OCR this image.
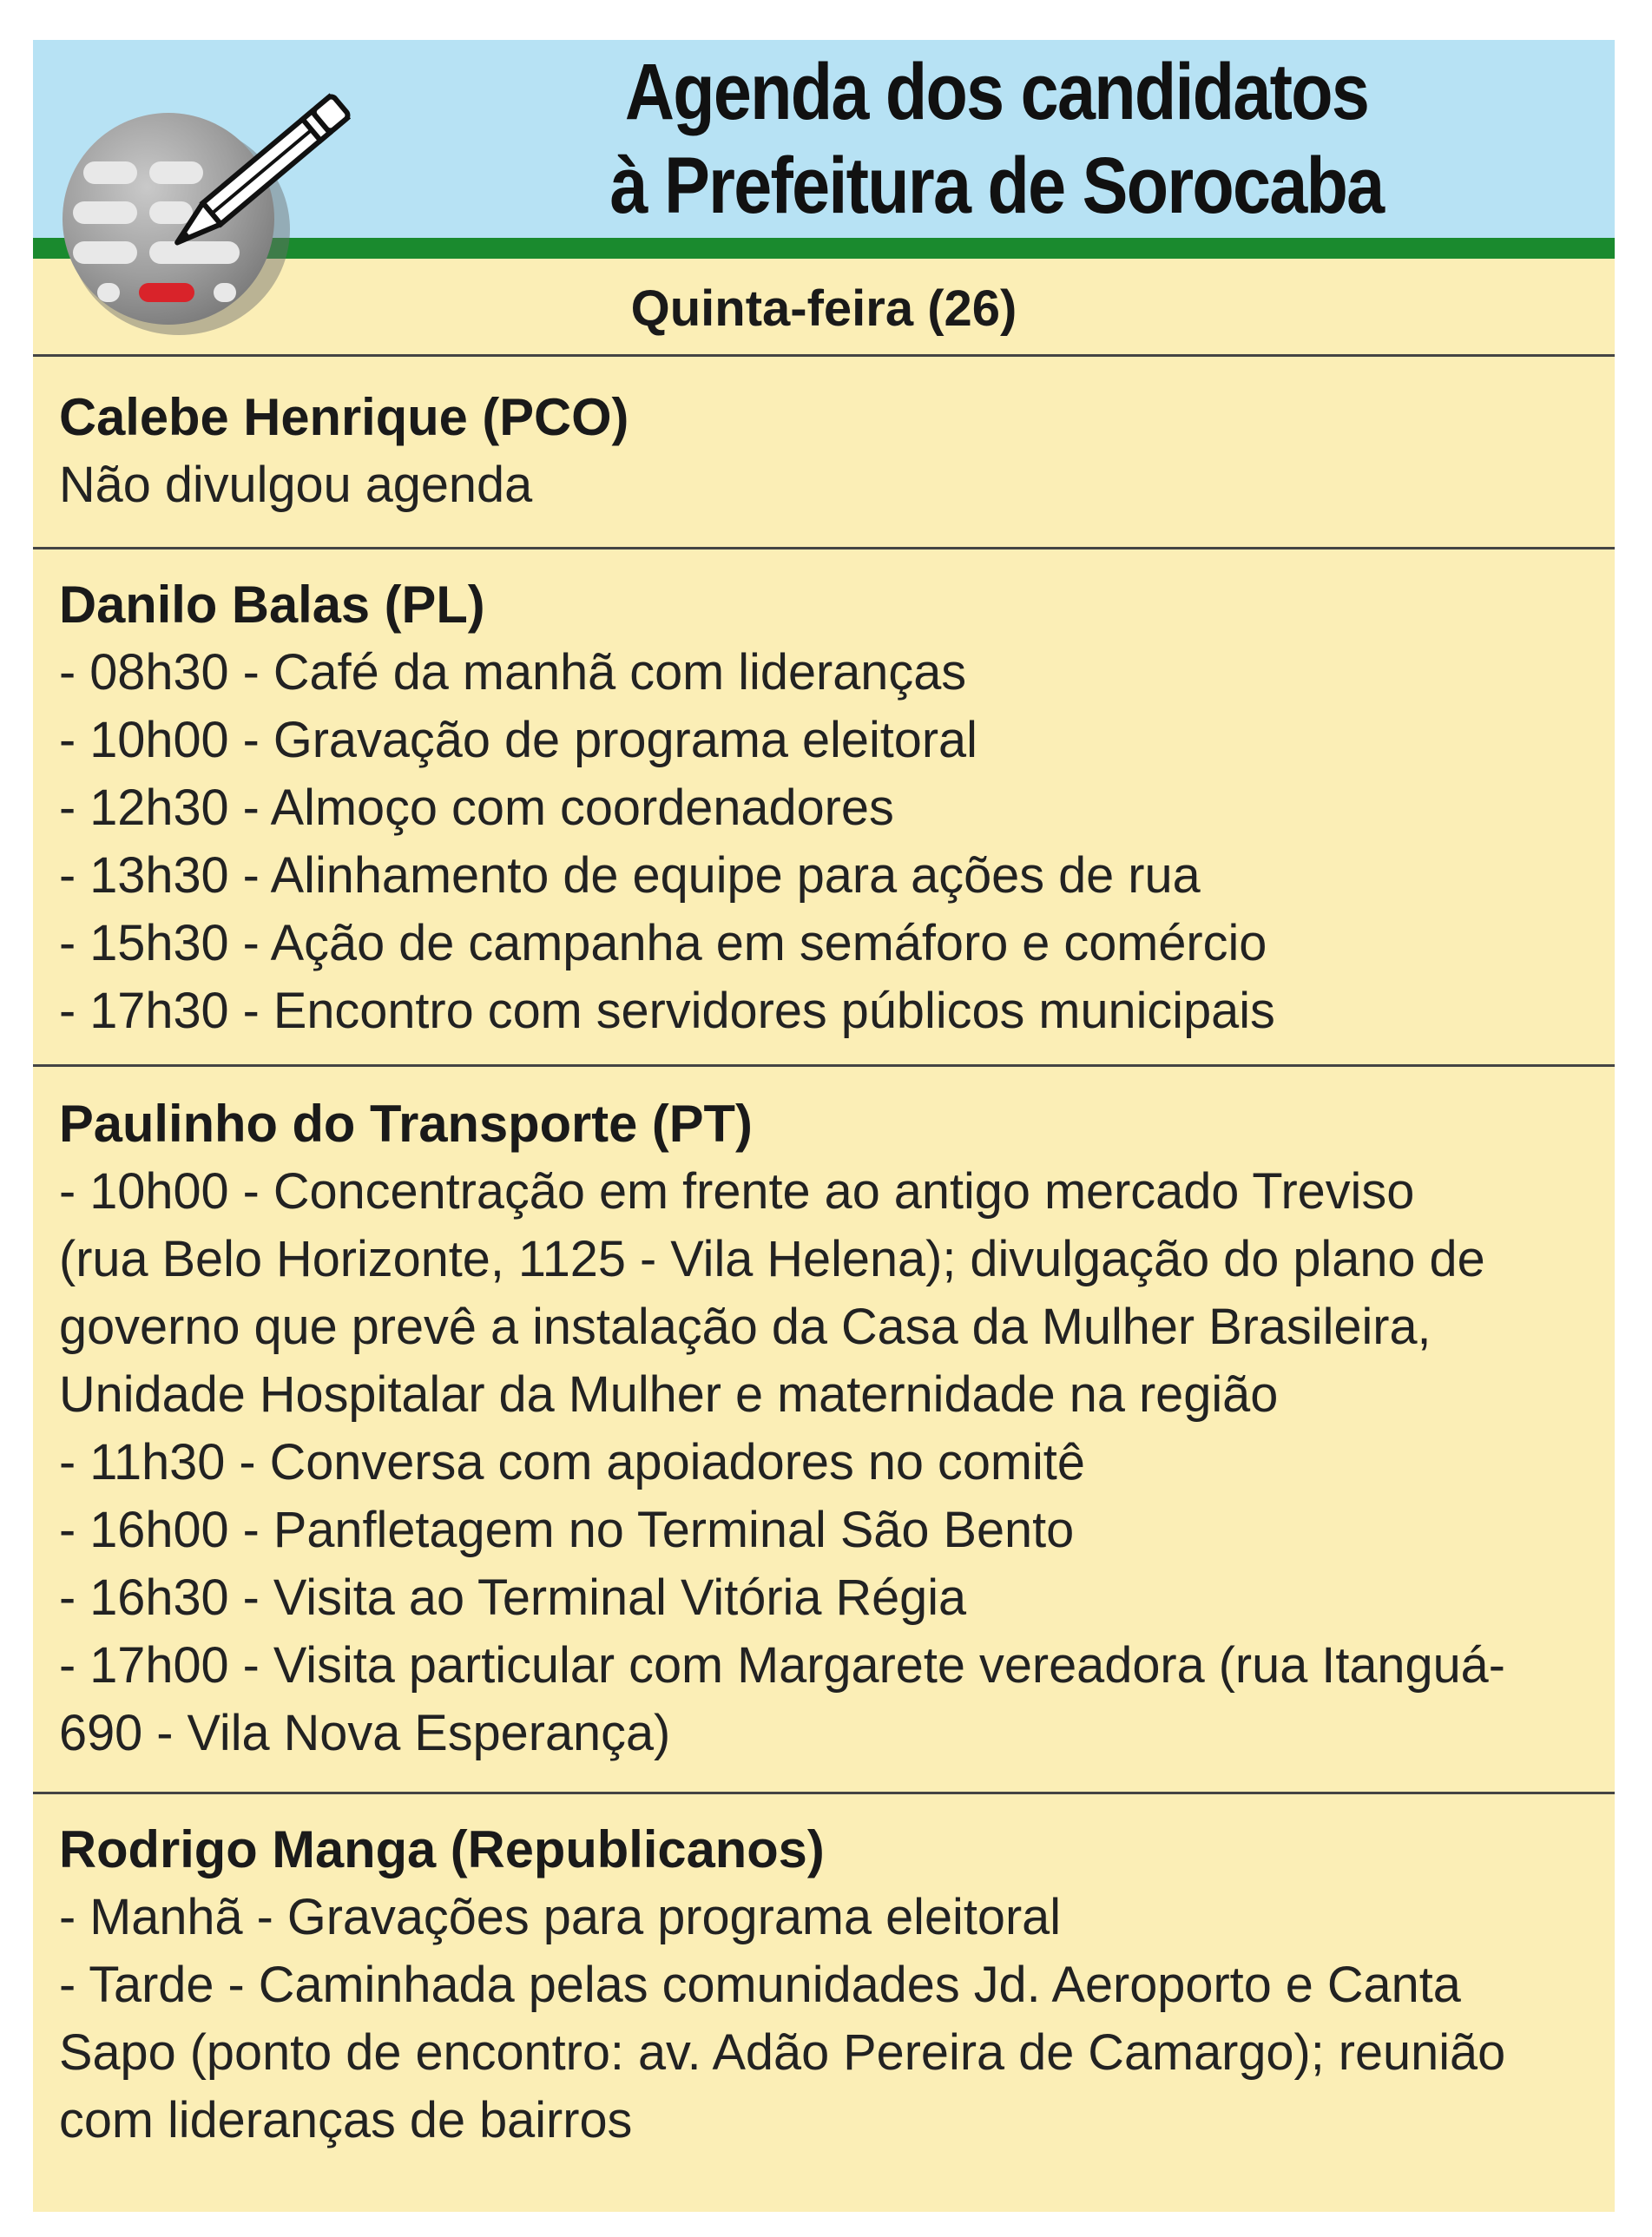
Agenda dos candidatos
à Prefeitura de Sorocaba
Quinta-feira (26)
Calebe Henrique (PCO)
Não divulgou agenda
Danilo Balas (PL)
- 08h30 - Café da manhã com lideranças
- 10h00 - Gravação de programa eleitoral
- 12h30 - Almoço com coordenadores
- 13h30 - Alinhamento de equipe para ações de rua
- 15h30 - Ação de campanha em semáforo e comércio
- 17h30 - Encontro com servidores públicos municipais
Paulinho do Transporte (PT)
- 10h00 - Concentração em frente ao antigo mercado Treviso
(rua Belo Horizonte, 1125 - Vila Helena); divulgação do plano de
governo que prevê a instalação da Casa da Mulher Brasileira,
Unidade Hospitalar da Mulher e maternidade na região
- 11h30 - Conversa com apoiadores no comitê
- 16h00 - Panfletagem no Terminal São Bento
- 16h30 - Visita ao Terminal Vitória Régia
- 17h00 - Visita particular com Margarete vereadora (rua Itanguá-
690 - Vila Nova Esperança)
Rodrigo Manga (Republicanos)
- Manhã - Gravações para programa eleitoral
- Tarde - Caminhada pelas comunidades Jd. Aeroporto e Canta
Sapo (ponto de encontro: av. Adão Pereira de Camargo); reunião
com lideranças de bairros
